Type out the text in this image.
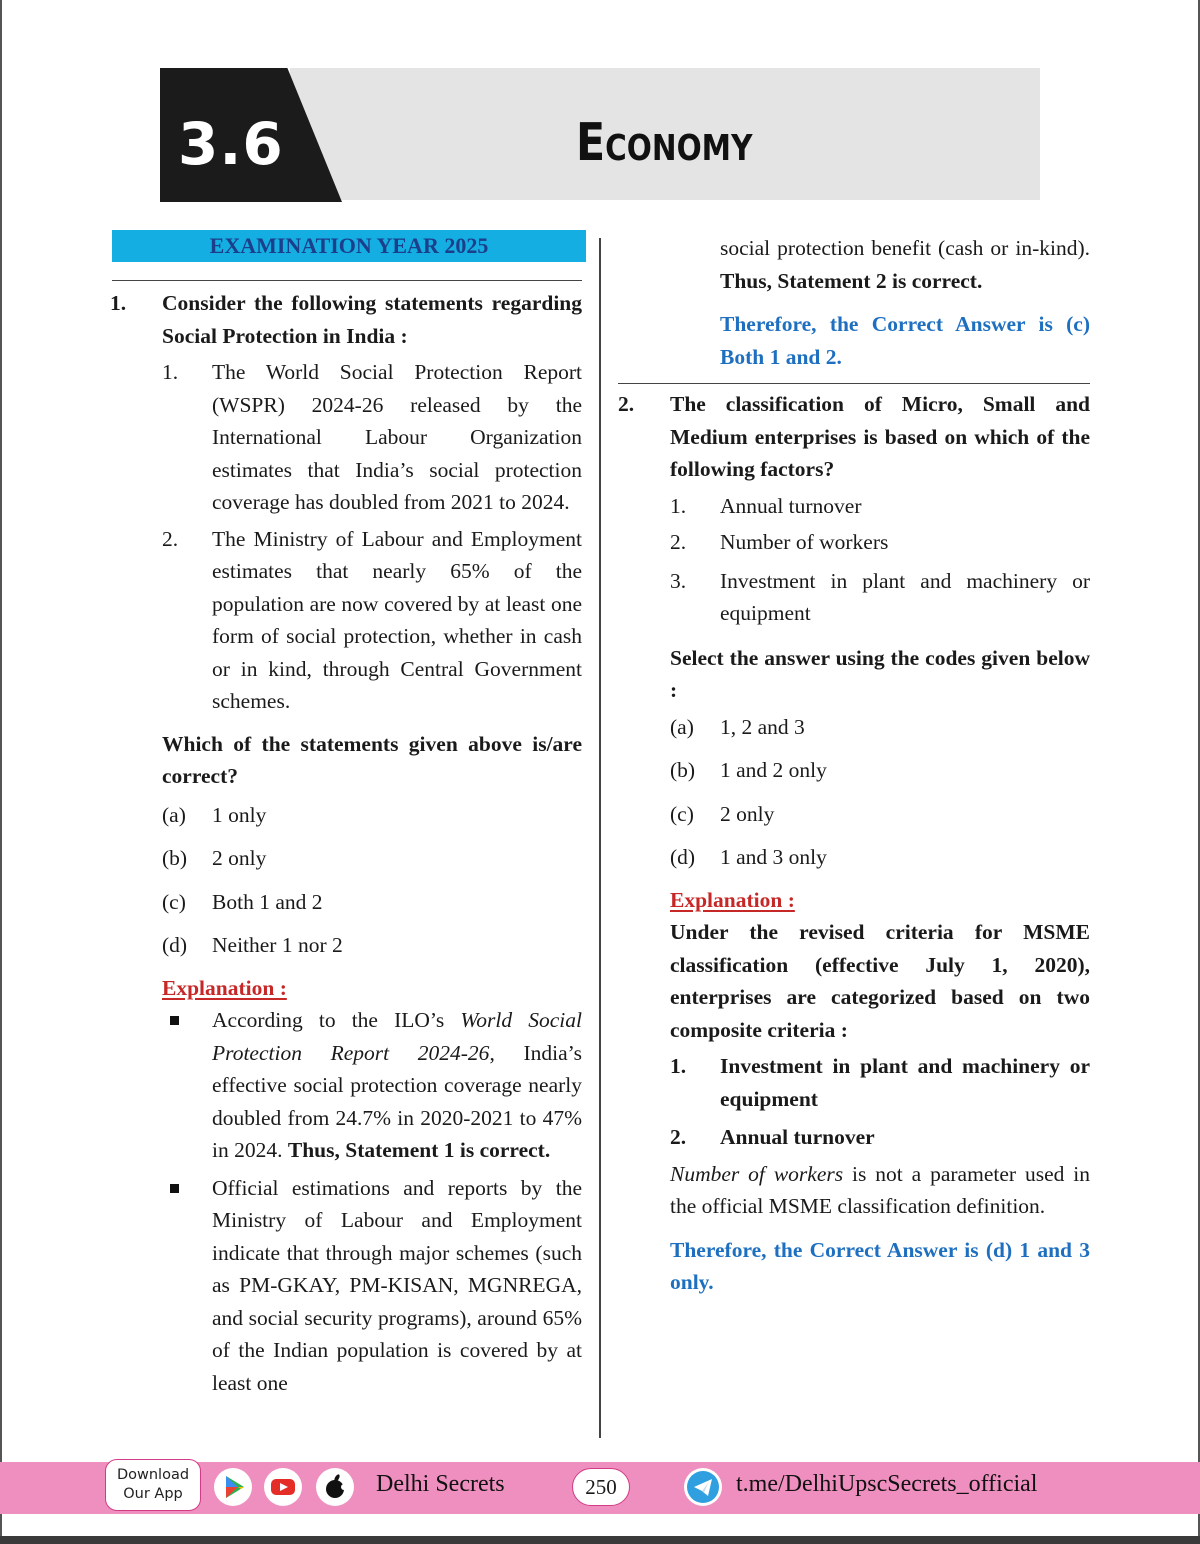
3.6	Economy
EXAMINATION YEAR 2025
1.	Consider the following statements regarding Social Protection in India :
1.	The World Social Protection Report (WSPR) 2024-26 released by the International Labour Organization estimates that India’s social protection coverage has doubled from 2021 to 2024.
2.	The Ministry of Labour and Employment estimates that nearly 65% of the population are now covered by at least one form of social protection, whether in cash or in kind, through Central Government schemes.
Which of the statements given above is/are correct?
(a)	1 only
(b)	2 only
(c)	Both 1 and 2
(d)	Neither 1 nor 2
Explanation :
According to the ILO’s World Social Protection Report 2024-26, India’s effective social protection coverage nearly doubled from 24.7% in 2020-2021 to 47% in 2024. Thus, Statement 1 is correct.
Official estimations and reports by the Ministry of Labour and Employment indicate that through major schemes (such as PM-GKAY, PM-KISAN, MGNREGA, and social security programs), around 65% of the Indian population is covered by at least one
social protection benefit (cash or in-kind). Thus, Statement 2 is correct.
Therefore, the Correct Answer is (c) Both 1 and 2.
2.	The classification of Micro, Small and Medium enterprises is based on which of the following factors?
1.	Annual turnover
2.	Number of workers
3.	Investment in plant and machinery or equipment
Select the answer using the codes given below :
(a)	1, 2 and 3
(b)	1 and 2 only
(c)	2 only
(d)	1 and 3 only
Explanation :
Under the revised criteria for MSME classification (effective July 1, 2020), enterprises are categorized based on two composite criteria :
1.	Investment in plant and machinery or equipment
2.	Annual turnover
Number of workers is not a parameter used in the official MSME classification definition.
Therefore, the Correct Answer is (d) 1 and 3 only.
Download
Our App	Delhi Secrets	250	t.me/DelhiUpscSecrets_official
